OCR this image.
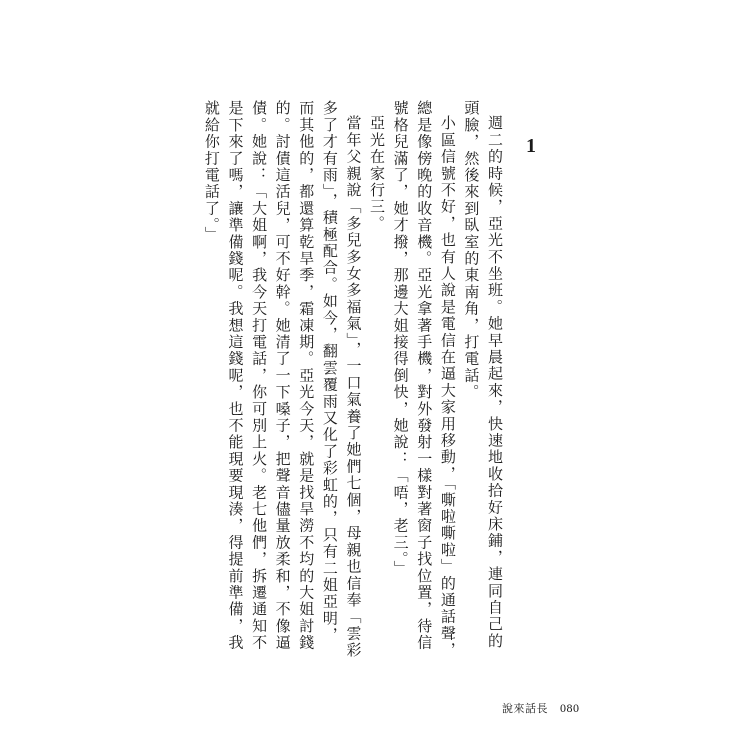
1

週二的時候，亞光不坐班。她早晨起來，快速地收拾好床鋪，連同自己的頭臉，然後來到臥室的東南角，打電話。

小區信號不好，也有人說是電信在逼大家用移動，「嘶啦嘶啦」的通話聲，總是像傍晚的收音機。亞光拿著手機，對外發射一樣對著窗子找位置，待信號格兒滿了，她才撥，那邊大姐接得倒快，她說：「唔，老三。」

亞光在家行三。

當年父親說「多兒多女多福氣」，一口氣養了她們七個，母親也信奉「雲彩多了才有雨」，積極配合。如今，翻雲覆雨又化了彩虹的，只有二姐亞明，而其他的，都還算乾旱季，霜凍期。亞光今天，就是找旱澇不均的大姐討錢的。討債這活兒，可不好幹。她清了一下嗓子，把聲音儘量放柔和，不像逼債。她說：「大姐啊，我今天打電話，你可別上火。老七他們，拆遷通知不是下來了嗎，讓準備錢呢。我想這錢呢，也不能現要現湊，得提前準備，我就給你打電話了。」

說來話長 080
